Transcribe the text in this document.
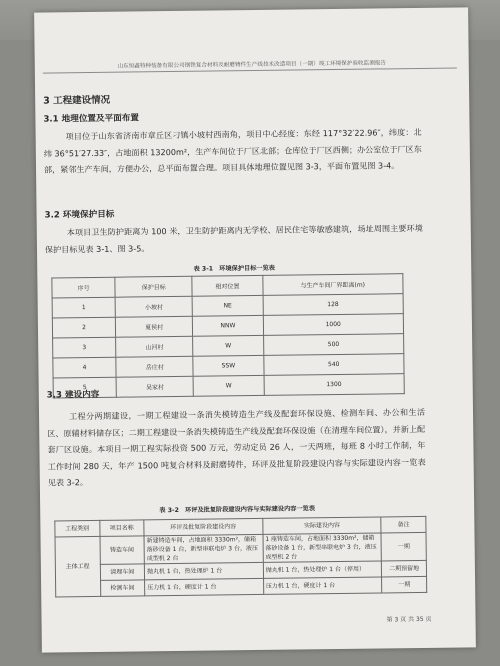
山东恒鑫特种装备有限公司钢铁复合材料及耐磨铸件生产线技术改造项目（一期）竣工环境保护验收监测报告
3 工程建设情况
3.1 地理位置及平面布置
项目位于山东省济南市章丘区刁镇小坡村西南角，项目中心经度：东经 117°32′22.96″，纬度：北纬 36°51′27.33″，占地面积 13200m²，生产车间位于厂区北部；仓库位于厂区西侧；办公室位于厂区东部，紧邻生产车间，方便办公，总平面布置合理。项目具体地理位置见图 3-3，平面布置见图 3-4。
3.2 环境保护目标
本项目卫生防护距离为 100 米，卫生防护距离内无学校、居民住宅等敏感建筑，场址周围主要环境保护目标见表 3-1、图 3-5。
表 3-1　环境保护目标一览表
序号	保护目标	相对位置	与生产车间厂界距离(m)
1	小坡村	NE	128
2	夏侯村	NNW	1000
3	山河村	W	500
4	岳庄村	SSW	540
5	吴家村	W	1300
3.3 建设内容
工程分两期建设，一期工程建设一条消失模铸造生产线及配套环保设施、检测车间、办公和生活区、原辅材料储存区；二期工程建设一条消失模铸造生产线及配套环保设施（在清理车间位置），并新上配套厂区设施。本项目一期工程实际投资 500 万元，劳动定员 26 人，一天两班，每班 8 小时工作制，年工作时间 280 天，年产 1500 吨复合材料及耐磨铸件，环评及批复阶段建设内容与实际建设内容一览表见表 3-2。
表 3-2　环评及批复阶段建设内容与实际建设内容一览表
工程类别	项目名称	环评及批复阶段建设内容	实际建设内容	备注
主体工程	铸造车间	新建铸造车间，占地面积 3330m²，储箱落砂设备 1 台，新型串联电炉 3 台，液压成型机 2 台	1 座铸造车间，占地面积 3330m²，储箱落砂设备 1 台，新型串联电炉 3 台，液压成型机 2 台	一期
	清理车间	抛丸机 1 台，热处理炉 1 台	抛丸机 1 台，热处理炉 1 台（停用）	二期预留地
	检测车间	压力机 1 台，硬度计 1 台	压力机 1 台，硬度计 1 台	一期
第 3 页 共 35 页
